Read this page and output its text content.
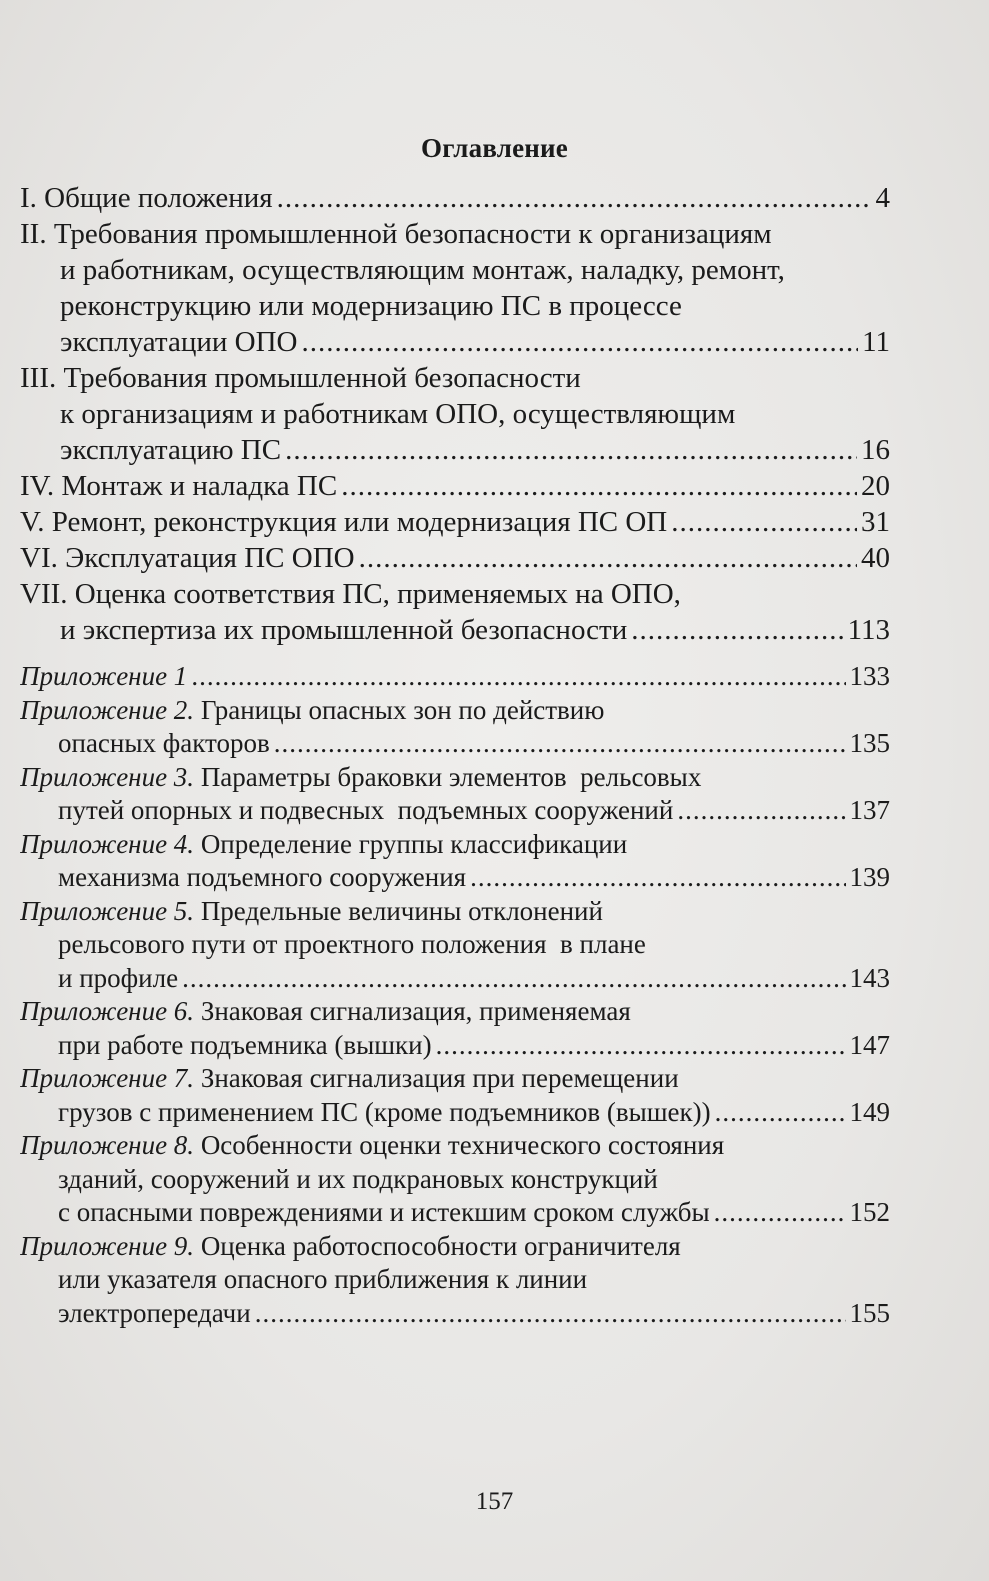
Оглавление
I. Общие положения .....	4
II. Требования промышленной безопасности к организациям
и работникам, осуществляющим монтаж, наладку, ремонт,
реконструкцию или модернизацию ПС в процессе
эксплуатации ОПО .....	11
III. Требования промышленной безопасности
к организациям и работникам ОПО, осуществляющим
эксплуатацию ПС .....	16
IV. Монтаж и наладка ПС .....	20
V. Ремонт, реконструкция или модернизация ПС ОП .....	31
VI. Эксплуатация ПС ОПО .....	40
VII. Оценка соответствия ПС, применяемых на ОПО,
и экспертиза их промышленной безопасности .....	113
Приложение 1 .....	133
Приложение 2. Границы опасных зон по действию
опасных факторов .....	135
Приложение 3. Параметры браковки элементов  рельсовых
путей опорных и подвесных  подъемных сооружений .....	137
Приложение 4. Определение группы классификации
механизма подъемного сооружения .....	139
Приложение 5. Предельные величины отклонений
рельсового пути от проектного положения  в плане
и профиле .....	143
Приложение 6. Знаковая сигнализация, применяемая
при работе подъемника (вышки) .....	147
Приложение 7. Знаковая сигнализация при перемещении
грузов с применением ПС (кроме подъемников (вышек)) .....	149
Приложение 8. Особенности оценки технического состояния
зданий, сооружений и их подкрановых конструкций
с опасными повреждениями и истекшим сроком службы .....	152
Приложение 9. Оценка работоспособности ограничителя
или указателя опасного приближения к линии
электропередачи .....	155
157
